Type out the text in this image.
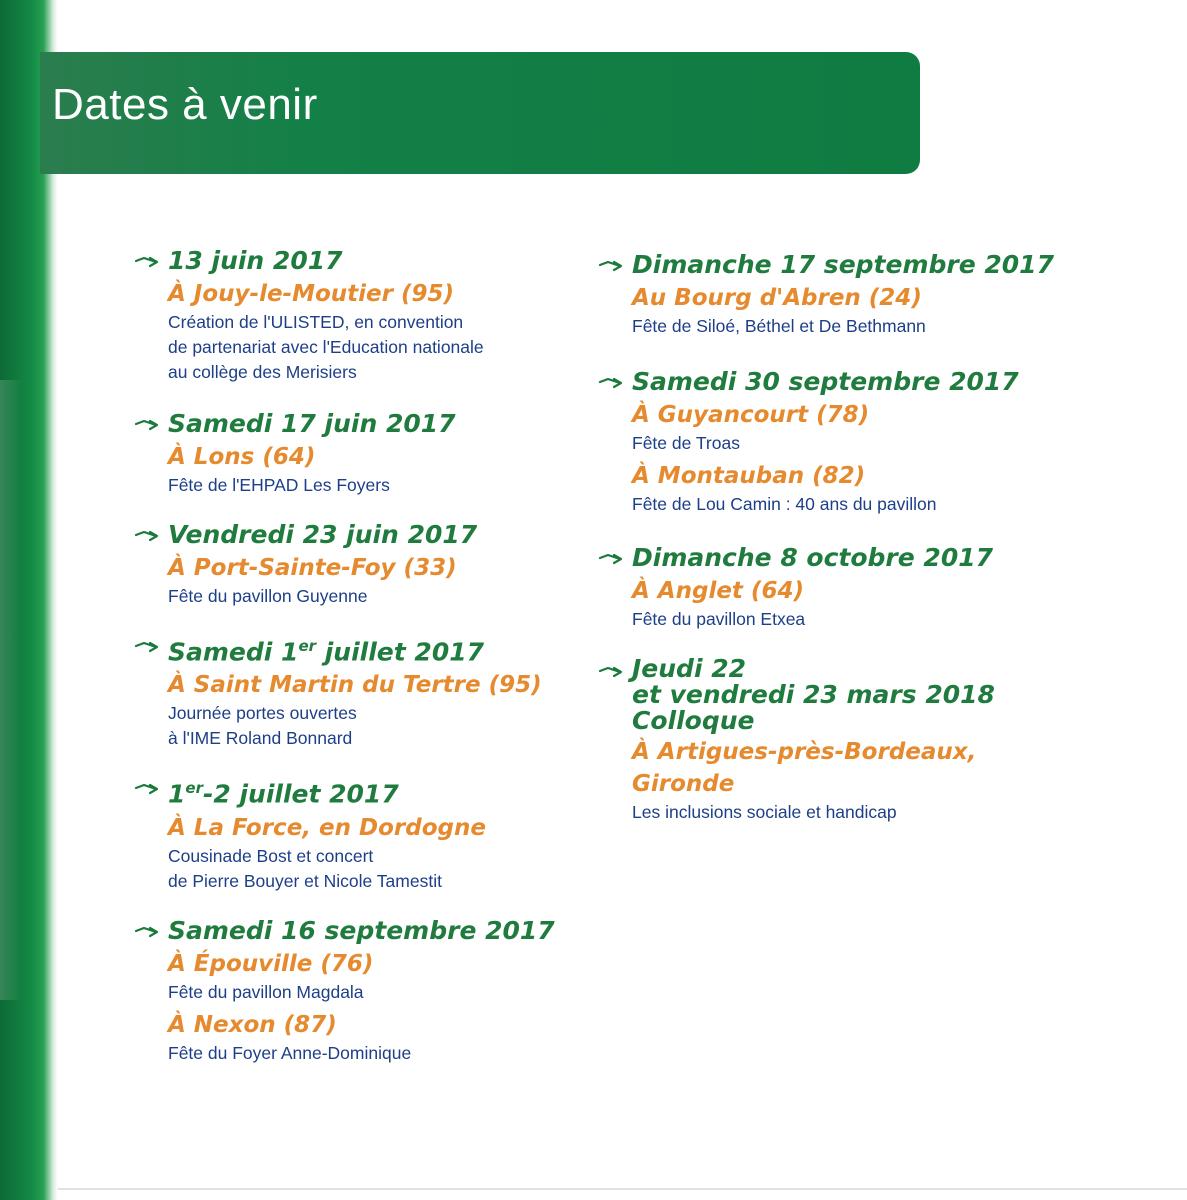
Dates à venir
13 juin 2017
À Jouy-le-Moutier (95)
Création de l'ULISTED, en convention
de partenariat avec l'Education nationale
au collège des Merisiers
Samedi 17 juin 2017
À Lons (64)
Fête de l'EHPAD Les Foyers
Vendredi 23 juin 2017
À Port-Sainte-Foy (33)
Fête du pavillon Guyenne
Samedi 1er juillet 2017
À Saint Martin du Tertre (95)
Journée portes ouvertes
à l'IME Roland Bonnard
1er-2 juillet 2017
À La Force, en Dordogne
Cousinade Bost et concert
de Pierre Bouyer et Nicole Tamestit
Samedi 16 septembre 2017
À Épouville (76)
Fête du pavillon Magdala
À Nexon (87)
Fête du Foyer Anne-Dominique
Dimanche 17 septembre 2017
Au Bourg d'Abren (24)
Fête de Siloé, Béthel et De Bethmann
Samedi 30 septembre 2017
À Guyancourt (78)
Fête de Troas
À Montauban (82)
Fête de Lou Camin : 40 ans du pavillon
Dimanche 8 octobre 2017
À Anglet (64)
Fête du pavillon Etxea
Jeudi 22
et vendredi 23 mars 2018
Colloque
À Artigues-près-Bordeaux, Gironde
Les inclusions sociale et handicap
